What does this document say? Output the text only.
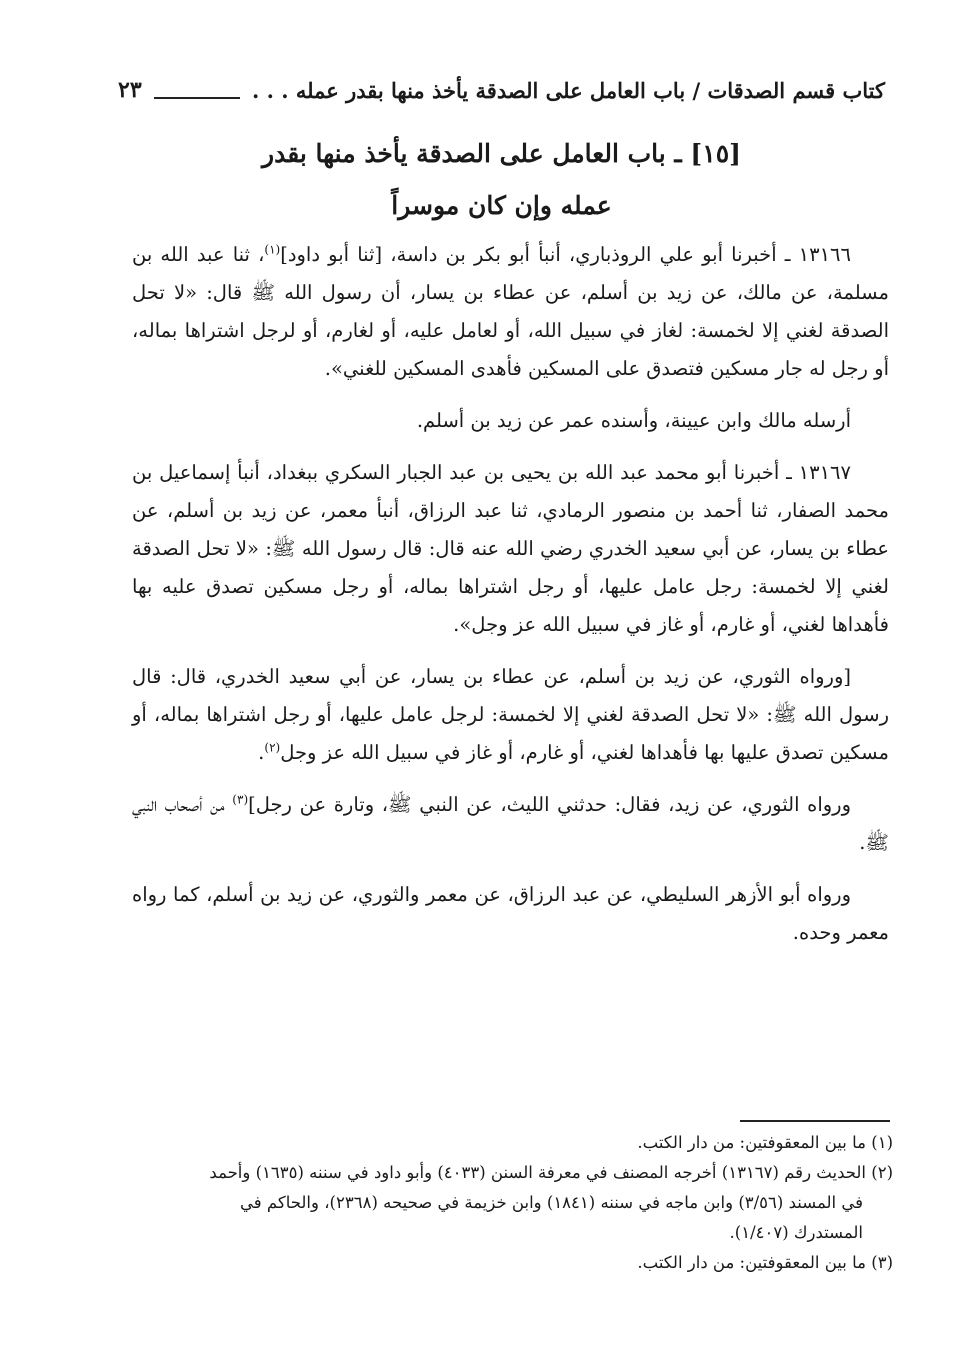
كتاب قسم الصدقات / باب العامل على الصدقة يأخذ منها بقدر عمله . . .
٢٣
[١٥] ـ باب العامل على الصدقة يأخذ منها بقدر
عمله وإن كان موسراً

١٣١٦٦ ـ أخبرنا أبو علي الروذباري، أنبأ أبو بكر بن داسة، [ثنا أبو داود]$^{(١)}$، ثنا عبد الله بن مسلمة، عن مالك، عن زيد بن أسلم، عن عطاء بن يسار، أن رسول الله ﷺ قال: «لا تحل الصدقة لغني إلا لخمسة: لغاز في سبيل الله، أو لعامل عليه، أو لغارم، أو لرجل اشتراها بماله، أو رجل له جار مسكين فتصدق على المسكين فأهدى المسكين للغني».

أرسله مالك وابن عيينة، وأسنده عمر عن زيد بن أسلم.

١٣١٦٧ ـ أخبرنا أبو محمد عبد الله بن يحيى بن عبد الجبار السكري ببغداد، أنبأ إسماعيل بن محمد الصفار، ثنا أحمد بن منصور الرمادي، ثنا عبد الرزاق، أنبأ معمر، عن زيد بن أسلم، عن عطاء بن يسار، عن أبي سعيد الخدري رضي الله عنه قال: قال رسول الله ﷺ: «لا تحل الصدقة لغني إلا لخمسة: رجل عامل عليها، أو رجل اشتراها بماله، أو رجل مسكين تصدق عليه بها فأهداها لغني، أو غارم، أو غاز في سبيل الله عز وجل».

[ورواه الثوري، عن زيد بن أسلم، عن عطاء بن يسار، عن أبي سعيد الخدري، قال: قال رسول الله ﷺ: «لا تحل الصدقة لغني إلا لخمسة: لرجل عامل عليها، أو رجل اشتراها بماله، أو مسكين تصدق عليها بها فأهداها لغني، أو غارم، أو غاز في سبيل الله عز وجل$^{(٢)}$.

ورواه الثوري، عن زيد، فقال: حدثني الليث، عن النبي ﷺ، وتارة عن رجل]$^{(٣)}$ من أصحاب النبي ﷺ.

ورواه أبو الأزهر السليطي، عن عبد الرزاق، عن معمر والثوري، عن زيد بن أسلم، كما رواه معمر وحده.

(١) ما بين المعقوفتين: من دار الكتب.
(٢) الحديث رقم (١٣١٦٧) أخرجه المصنف في معرفة السنن (٤٠٣٣) وأبو داود في سننه (١٦٣٥) وأحمد
في المسند (٣/٥٦) وابن ماجه في سننه (١٨٤١) وابن خزيمة في صحيحه (٢٣٦٨)، والحاكم في
المستدرك (١/٤٠٧).
(٣) ما بين المعقوفتين: من دار الكتب.
